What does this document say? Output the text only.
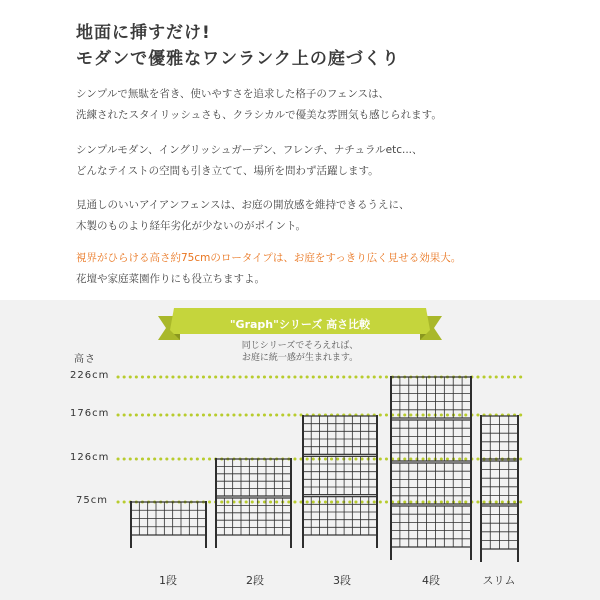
地面に挿すだけ!
モダンで優雅なワンランク上の庭づくり
シンプルで無駄を省き、使いやすさを追求した格子のフェンスは、
洗練されたスタイリッシュさも、クラシカルで優美な雰囲気も感じられます。
シンプルモダン、イングリッシュガーデン、フレンチ、ナチュラルetc...、
どんなテイストの空間も引き立てて、場所を問わず活躍します。
見通しのいいアイアンフェンスは、お庭の開放感を維持できるうえに、
木製のものより経年劣化が少ないのがポイント。
視界がひらける高さ約75cmのロータイプは、お庭をすっきり広く見せる効果大。
花壇や家庭菜園作りにも役立ちますよ。
"Graph"シリーズ 高さ比較
同じシリーズでそろえれば、
お庭に統一感が生まれます。
高さ
226cm
176cm
126cm
75cm
1段	2段	3段	4段	スリム
